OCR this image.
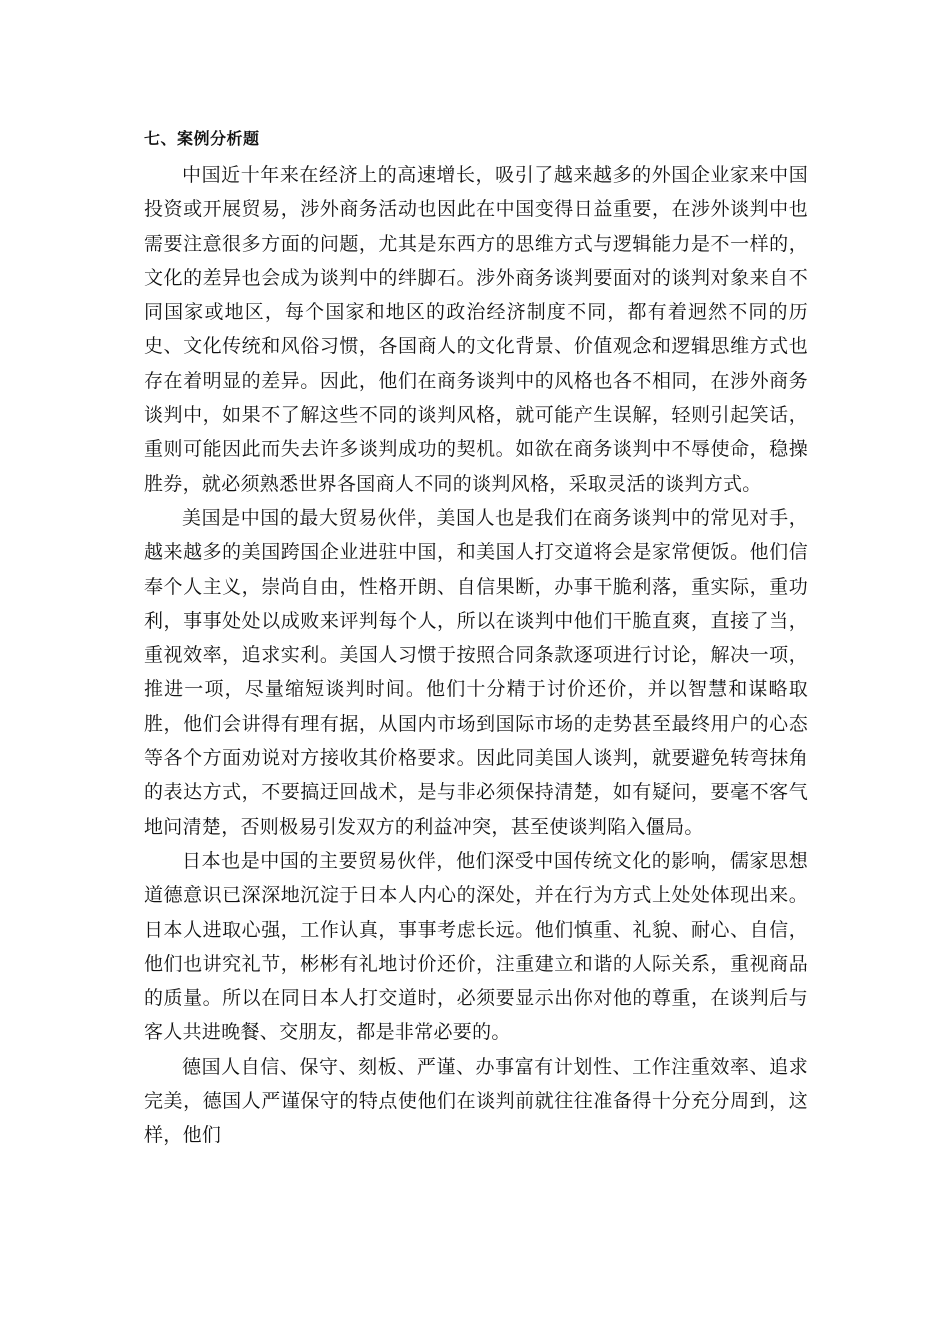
七、案例分析题

中国近十年来在经济上的高速增长，吸引了越来越多的外国企业家来中国投资或开展贸易，涉外商务活动也因此在中国变得日益重要，在涉外谈判中也需要注意很多方面的问题，尤其是东西方的思维方式与逻辑能力是不一样的，文化的差异也会成为谈判中的绊脚石。涉外商务谈判要面对的谈判对象来自不同国家或地区，每个国家和地区的政治经济制度不同，都有着迥然不同的历史、文化传统和风俗习惯，各国商人的文化背景、价值观念和逻辑思维方式也存在着明显的差异。因此，他们在商务谈判中的风格也各不相同，在涉外商务谈判中，如果不了解这些不同的谈判风格，就可能产生误解，轻则引起笑话，重则可能因此而失去许多谈判成功的契机。如欲在商务谈判中不辱使命，稳操胜券，就必须熟悉世界各国商人不同的谈判风格，采取灵活的谈判方式。

美国是中国的最大贸易伙伴，美国人也是我们在商务谈判中的常见对手，越来越多的美国跨国企业进驻中国，和美国人打交道将会是家常便饭。他们信奉个人主义，崇尚自由，性格开朗、自信果断，办事干脆利落，重实际，重功利，事事处处以成败来评判每个人，所以在谈判中他们干脆直爽，直接了当，重视效率，追求实利。美国人习惯于按照合同条款逐项进行讨论，解决一项，推进一项，尽量缩短谈判时间。他们十分精于讨价还价，并以智慧和谋略取胜，他们会讲得有理有据，从国内市场到国际市场的走势甚至最终用户的心态等各个方面劝说对方接收其价格要求。因此同美国人谈判，就要避免转弯抹角的表达方式，不要搞迂回战术，是与非必须保持清楚，如有疑问，要毫不客气地问清楚，否则极易引发双方的利益冲突，甚至使谈判陷入僵局。

日本也是中国的主要贸易伙伴，他们深受中国传统文化的影响，儒家思想道德意识已深深地沉淀于日本人内心的深处，并在行为方式上处处体现出来。日本人进取心强，工作认真，事事考虑长远。他们慎重、礼貌、耐心、自信，他们也讲究礼节，彬彬有礼地讨价还价，注重建立和谐的人际关系，重视商品的质量。所以在同日本人打交道时，必须要显示出你对他的尊重，在谈判后与客人共进晚餐、交朋友，都是非常必要的。

德国人自信、保守、刻板、严谨、办事富有计划性、工作注重效率、追求完美，德国人严谨保守的特点使他们在谈判前就往往准备得十分充分周到，这样，他们
